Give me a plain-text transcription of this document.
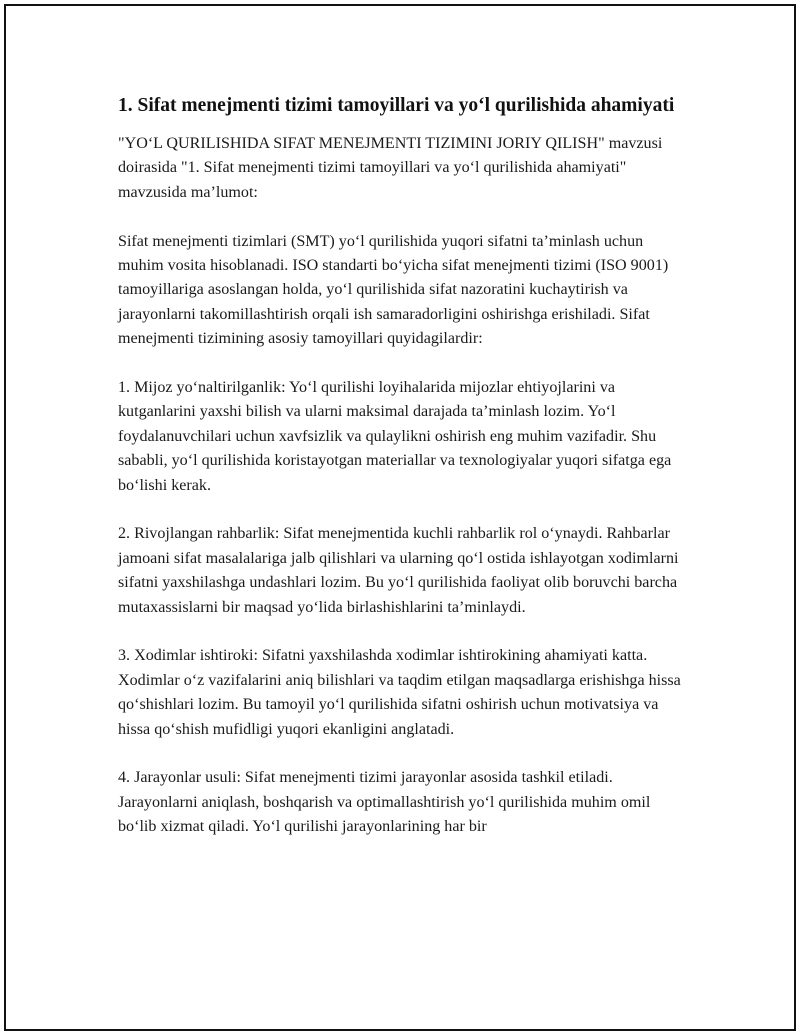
1. Sifat menejmenti tizimi tamoyillari va yo‘l qurilishida ahamiyati

"YO‘L QURILISHIDA SIFAT MENEJMENTI TIZIMINI JORIY QILISH" mavzusi doirasida "1. Sifat menejmenti tizimi tamoyillari va yo‘l qurilishida ahamiyati" mavzusida ma’lumot:

Sifat menejmenti tizimlari (SMT) yo‘l qurilishida yuqori sifatni ta’minlash uchun muhim vosita hisoblanadi. ISO standarti bo‘yicha sifat menejmenti tizimi (ISO 9001) tamoyillariga asoslangan holda, yo‘l qurilishida sifat nazoratini kuchaytirish va jarayonlarni takomillashtirish orqali ish samaradorligini oshirishga erishiladi. Sifat menejmenti tizimining asosiy tamoyillari quyidagilardir:

1. Mijoz yo‘naltirilganlik: Yo‘l qurilishi loyihalarida mijozlar ehtiyojlarini va kutganlarini yaxshi bilish va ularni maksimal darajada ta’minlash lozim. Yo‘l foydalanuvchilari uchun xavfsizlik va qulaylikni oshirish eng muhim vazifadir. Shu sababli, yo‘l qurilishida koristayotgan materiallar va texnologiyalar yuqori sifatga ega bo‘lishi kerak.

2. Rivojlangan rahbarlik: Sifat menejmentida kuchli rahbarlik rol o‘ynaydi. Rahbarlar jamoani sifat masalalariga jalb qilishlari va ularning qo‘l ostida ishlayotgan xodimlarni sifatni yaxshilashga undashlari lozim. Bu yo‘l qurilishida faoliyat olib boruvchi barcha mutaxassislarni bir maqsad yo‘lida birlashishlarini ta’minlaydi.

3. Xodimlar ishtiroki: Sifatni yaxshilashda xodimlar ishtirokining ahamiyati katta. Xodimlar o‘z vazifalarini aniq bilishlari va taqdim etilgan maqsadlarga erishishga hissa qo‘shishlari lozim. Bu tamoyil yo‘l qurilishida sifatni oshirish uchun motivatsiya va hissa qo‘shish mufidligi yuqori ekanligini anglatadi.

4. Jarayonlar usuli: Sifat menejmenti tizimi jarayonlar asosida tashkil etiladi. Jarayonlarni aniqlash, boshqarish va optimallashtirish yo‘l qurilishida muhim omil bo‘lib xizmat qiladi. Yo‘l qurilishi jarayonlarining har bir
